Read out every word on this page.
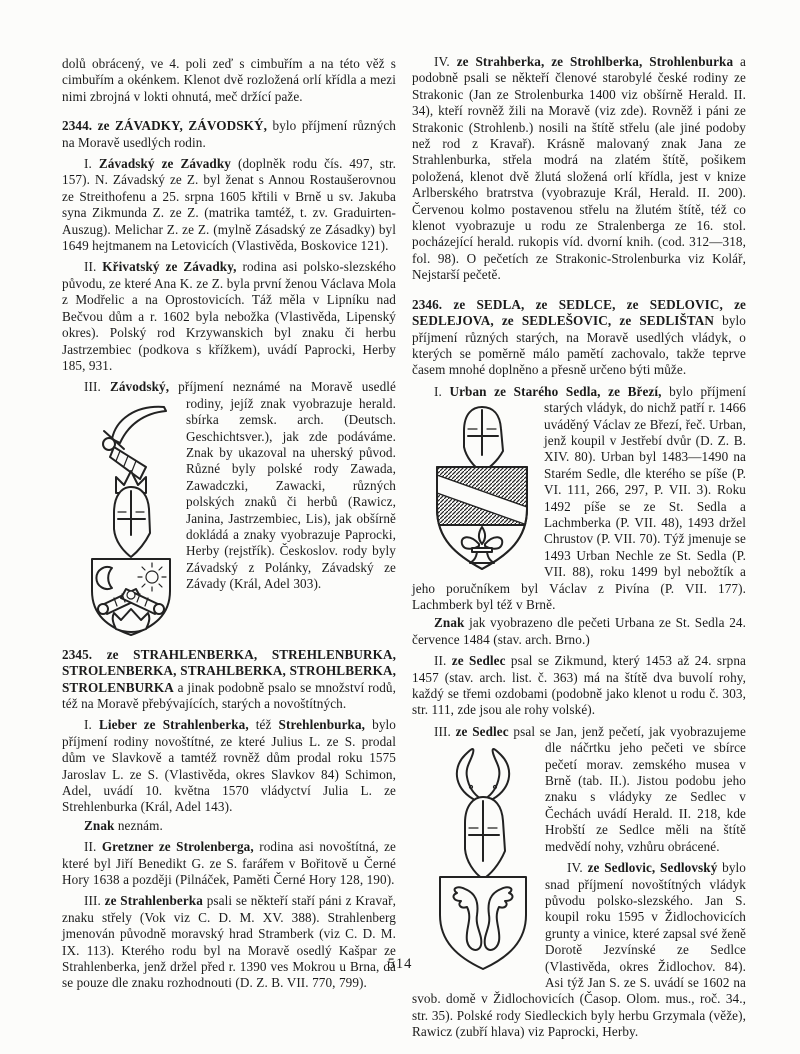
dolů obrácený, ve 4. poli zeď s cimbuřím a na této věž s cimbuřím a okénkem. Klenot dvě rozložená orlí křídla a mezi nimi zbrojná v lokti ohnutá, meč držící paže.

2344. ze ZÁVADKY, ZÁVODSKÝ, bylo příjmení různých na Moravě usedlých rodin.

I. Závadský ze Závadky (doplněk rodu čís. 497, str. 157). N. Závadský ze Z. byl ženat s Annou Rostaušerovnou ze Streithofenu a 25. srpna 1605 křtili v Brně u sv. Jakuba syna Zikmunda Z. ze Z. (matrika tamtéž, t. zv. Graduirten-Auszug). Melichar Z. ze Z. (mylně Zásadský ze Zásadky) byl 1649 hejtmanem na Letovicích (Vlastivěda, Boskovice 121).

II. Křivatský ze Závadky, rodina asi polsko-slezského původu, ze které Ana K. ze Z. byla první ženou Václava Mola z Modřelic a na Oprostovicích. Táž měla v Lipníku nad Bečvou dům a r. 1602 byla nebožka (Vlastivěda, Lipenský okres). Polský rod Krzywanskich byl znaku či herbu Jastrzembiec (podkova s křížkem), uvádí Paprocki, Herby 185, 931.

III. Závodský, příjmení neznámé na Moravě
usedlé rodiny, jejíž znak vyobrazuje herald. sbírka zemsk. arch. (Deutsch. Geschichtsver.), jak zde podáváme. Znak by ukazoval na uherský původ. Různé byly polské rody Zawada, Zawadczki, Zawacki, různých polských znaků či herbů (Rawicz, Janina, Jastrzembiec, Lis), jak obšírně dokládá a znaky vyobrazuje Paprocki, Herby (rejstřík). Českoslov. rody byly Závadský z Polánky, Závadský ze Závady (Král, Adel 303).

2345. ze STRAHLENBERKA, STREHLENBURKA, STROLENBERKA, STRAHLBERKA, STROHLBERKA, STROLENBURKA a jinak podobně psalo se množství rodů, též na Moravě přebývajících, starých a novoštítných.

I. Lieber ze Strahlenberka, též Strehlenburka, bylo příjmení rodiny novoštítné, ze které Julius L. ze S. prodal dům ve Slavkově a tamtéž rovněž dům prodal roku 1575 Jaroslav L. ze S. (Vlastivěda, okres Slavkov 84) Schimon, Adel, uvádí 10. května 1570 vládyctví Julia L. ze Strehlenburka (Král, Adel 143).

Znak neznám.

II. Gretzner ze Strolenberga, rodina asi novoštítná, ze které byl Jiří Benedikt G. ze S. farářem v Bořitově u Černé Hory 1638 a později (Pilnáček, Paměti Černé Hory 128, 190).

III. ze Strahlenberka psali se někteří staří páni z Kravař, znaku střely (Vok viz C. D. M. XV. 388). Strahlenberg jmenován původně moravský hrad Stramberk (viz C. D. M. IX. 113). Kterého rodu byl na Moravě osedlý Kašpar ze Strahlenberka, jenž držel před r. 1390 ves Mokrou u Brna, dá se pouze dle znaku rozhodnouti (D. Z. B. VII. 770, 799).

IV. ze Strahberka, ze Strohlberka, Strohlenburka a podobně psali se někteří členové starobylé české rodiny ze Strakonic (Jan ze Strolenburka 1400 viz obšírně Herald. II. 34), kteří rovněž žili na Moravě (viz zde). Rovněž i páni ze Strakonic (Strohlenb.) nosili na štítě střelu (ale jiné podoby než rod z Kravař). Krásně malovaný znak Jana ze Strahlenburka, střela modrá na zlatém štítě, pošikem položená, klenot dvě žlutá složená orlí křídla, jest v knize Arlberského bratrstva (vyobrazuje Král, Herald. II. 200). Červenou kolmo postavenou střelu na žlutém štítě, též co klenot vyobrazuje u rodu ze Stralenberga ze 16. stol. pocházející herald. rukopis víd. dvorní knih. (cod. 312—318, fol. 98). O pečetích ze Strakonic-Strolenburka viz Kolář, Nejstarší pečetě.

2346. ze SEDLA, ze SEDLCE, ze SEDLOVIC, ze SEDLEJOVA, ze SEDLEŠOVIC, ze SEDLIŠTAN bylo příjmení různých starých, na Moravě usedlých vládyk, o kterých se poměrně málo pamětí zachovalo, takže teprve časem mnohé doplněno a přesně určeno býti může.

I. Urban ze Starého Sedla, ze Březí, bylo příjmení
starých vládyk, do nichž patří r. 1466 uváděný Václav ze Březí, řeč. Urban, jenž koupil v Jestřebí dvůr (D. Z. B. XIV. 80). Urban byl 1483—1490 na Starém Sedle, dle kterého se píše (P. VI. 111, 266, 297, P. VII. 3). Roku 1492 píše se ze St. Sedla a Lachmberka (P. VII. 48), 1493 držel Chrustov (P. VII. 70). Týž jmenuje se 1493 Urban Nechle ze St. Sedla (P. VII. 88), roku 1499 byl nebožtík a jeho poručníkem byl Václav z Pivína (P. VII. 177). Lachmberk byl též v Brně.

Znak jak vyobrazeno dle pečeti Urbana ze St. Sedla 24. července 1484 (stav. arch. Brno.)

II. ze Sedlec psal se Zikmund, který 1453 až 24. srpna 1457 (stav. arch. list. č. 363) má na štítě dva buvolí rohy, každý se třemi ozdobami (podobně jako klenot u rodu č. 303, str. 111, zde jsou ale rohy volské).

III. ze Sedlec psal se Jan, jenž pečetí, jak
vyobrazujeme dle náčrtku jeho pečeti ve sbírce pečetí morav. zemského musea v Brně (tab. II.). Jistou podobu jeho znaku s vládyky ze Sedlec v Čechách uvádí Herald. II. 218, kde Hrobští ze Sedlce měli na štítě medvědí nohy, vzhůru obrácené.

IV. ze Sedlovic, Sedlovský bylo snad příjmení novoštítných vládyk původu polsko-slezského. Jan S. koupil roku 1595 v Židlochovicích grunty a vinice, které zapsal své ženě Dorotě Jezvínské ze Sedlce (Vlastivěda, okres Židlochov. 84). Asi týž Jan S. ze S. uvádí se 1602 na svob. domě v Židlochovicích (Časop. Olom. mus., roč. 34., str. 35). Polské rody Siedleckich byly herbu Grzymala (věže), Rawicz (zubří hlava) viz Paprocki, Herby.

514
